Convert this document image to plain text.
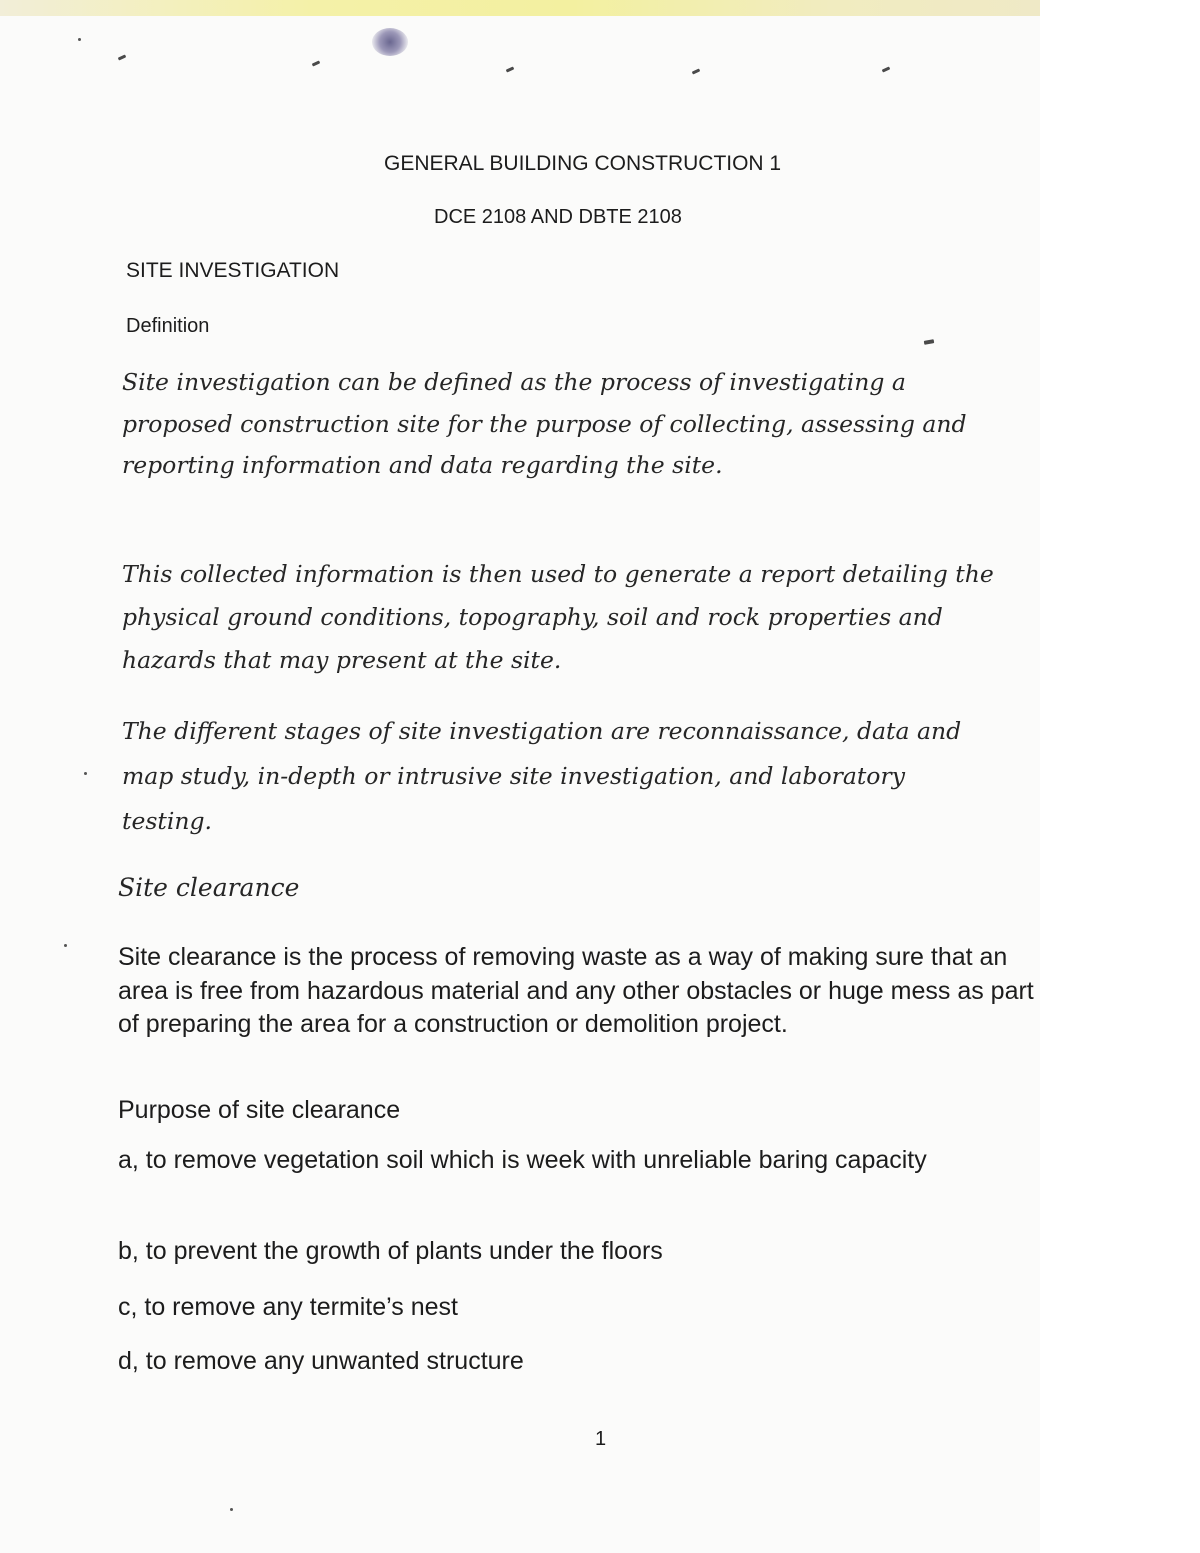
GENERAL BUILDING CONSTRUCTION 1

DCE 2108 AND DBTE 2108

SITE INVESTIGATION

Definition

Site investigation can be defined as the process of investigating a proposed construction site for the purpose of collecting, assessing and reporting information and data regarding the site.

This collected information is then used to generate a report detailing the physical ground conditions, topography, soil and rock properties and hazards that may present at the site.

The different stages of site investigation are reconnaissance, data and map study, in-depth or intrusive site investigation, and laboratory testing.

Site clearance

Site clearance is the process of removing waste as a way of making sure that an area is free from hazardous material and any other obstacles or huge mess as part of preparing the area for a construction or demolition project.

Purpose of site clearance

a, to remove vegetation soil which is week with unreliable baring capacity

b, to prevent the growth of plants under the floors

c, to remove any termite’s nest

d, to remove any unwanted structure

1
